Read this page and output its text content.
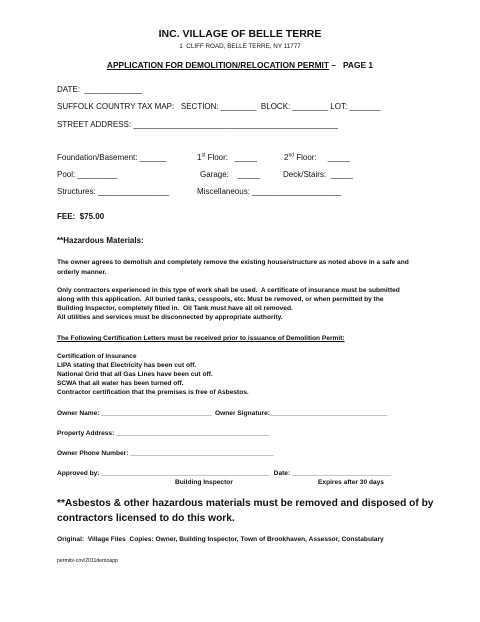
INC. VILLAGE OF BELLE TERRE
1  CLIFF ROAD, BELLE TERRE, NY 11777
APPLICATION FOR DEMOLITION/RELOCATION PERMIT –   PAGE 1
DATE:  _____________
SUFFOLK COUNTRY TAX MAP:   SECTION: ________  BLOCK: ________ LOT: _______
STREET ADDRESS: ______________________________________________
Foundation/Basement: ______	1st Floor:   _____	2nd Floor:     _____
Pool: _________	Garage:    _____	Deck/Stairs:  _____
Structures: ________________	Miscellaneous: ____________________
FEE:  $75.00
**Hazardous Materials:
The owner agrees to demolish and completely remove the existing house/structure as noted above in a safe and orderly manner.
Only contractors experienced in this type of work shall be used.  A certificate of insurance must be submitted
along with this application.  All buried tanks, cesspools, etc. Must be removed, or when permitted by the
Building Inspector, completely filled in.  Oil Tank must have all oil removed.
All utilities and services must be disconnected by appropriate authority.
The Following Certification Letters must be received prior to issuance of Demolition Permit:
Certification of Insurance
LIPA stating that Electricity has been cut off.
National Grid that all Gas Lines have been cut off.
SCWA that all water has been turned off.
Contractor certification that the premises is free of Asbestos.
Owner Name: ______________________________  Owner Signature:________________________________
Property Address: __________________________________________
Owner Phone Number: _______________________________________
Approved by: ______________________________________________  Date: ___________________________
Building Inspector	Expires after 30 days
**Asbestos & other hazardous materials must be removed and disposed of by
contractors licensed to do this work.
Original:  Village Files  Copies: Owner, Building Inspector, Town of Brookhaven, Assessor, Constabulary
permits-cov\2011demoapp
